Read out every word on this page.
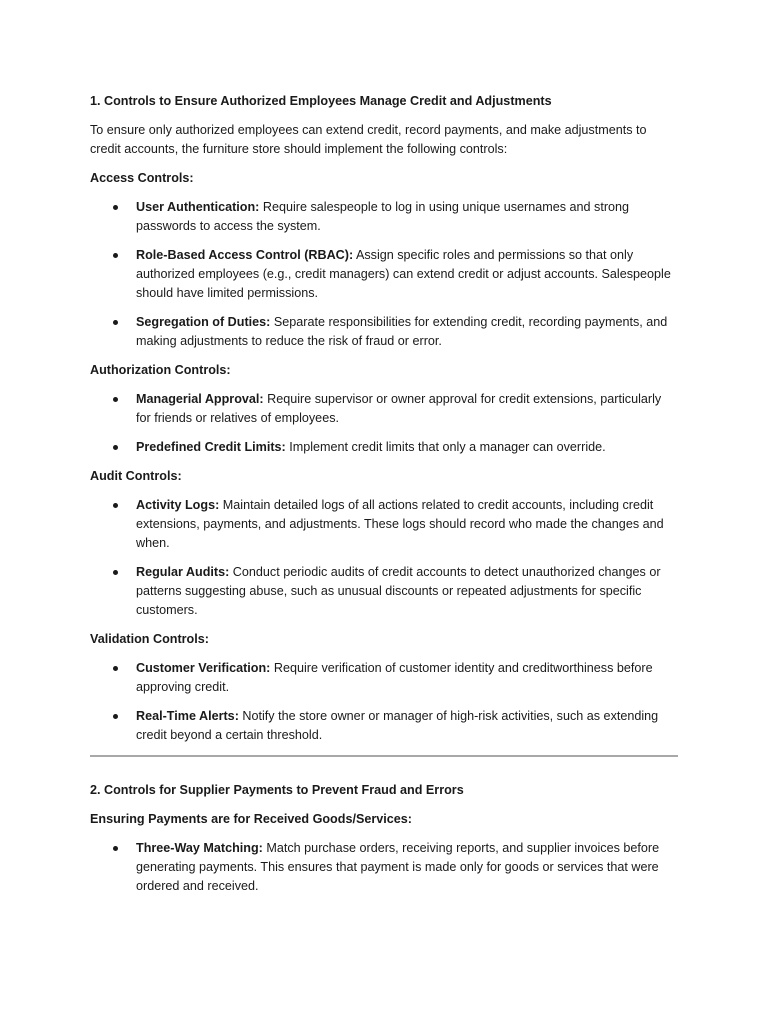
1. Controls to Ensure Authorized Employees Manage Credit and Adjustments

To ensure only authorized employees can extend credit, record payments, and make adjustments to credit accounts, the furniture store should implement the following controls:

Access Controls:
User Authentication: Require salespeople to log in using unique usernames and strong passwords to access the system.
Role-Based Access Control (RBAC): Assign specific roles and permissions so that only authorized employees (e.g., credit managers) can extend credit or adjust accounts. Salespeople should have limited permissions.
Segregation of Duties: Separate responsibilities for extending credit, recording payments, and making adjustments to reduce the risk of fraud or error.
Authorization Controls:
Managerial Approval: Require supervisor or owner approval for credit extensions, particularly for friends or relatives of employees.
Predefined Credit Limits: Implement credit limits that only a manager can override.
Audit Controls:
Activity Logs: Maintain detailed logs of all actions related to credit accounts, including credit extensions, payments, and adjustments. These logs should record who made the changes and when.
Regular Audits: Conduct periodic audits of credit accounts to detect unauthorized changes or patterns suggesting abuse, such as unusual discounts or repeated adjustments for specific customers.
Validation Controls:
Customer Verification: Require verification of customer identity and creditworthiness before approving credit.
Real-Time Alerts: Notify the store owner or manager of high-risk activities, such as extending credit beyond a certain threshold.
2. Controls for Supplier Payments to Prevent Fraud and Errors
Ensuring Payments are for Received Goods/Services:
Three-Way Matching: Match purchase orders, receiving reports, and supplier invoices before generating payments. This ensures that payment is made only for goods or services that were ordered and received.
